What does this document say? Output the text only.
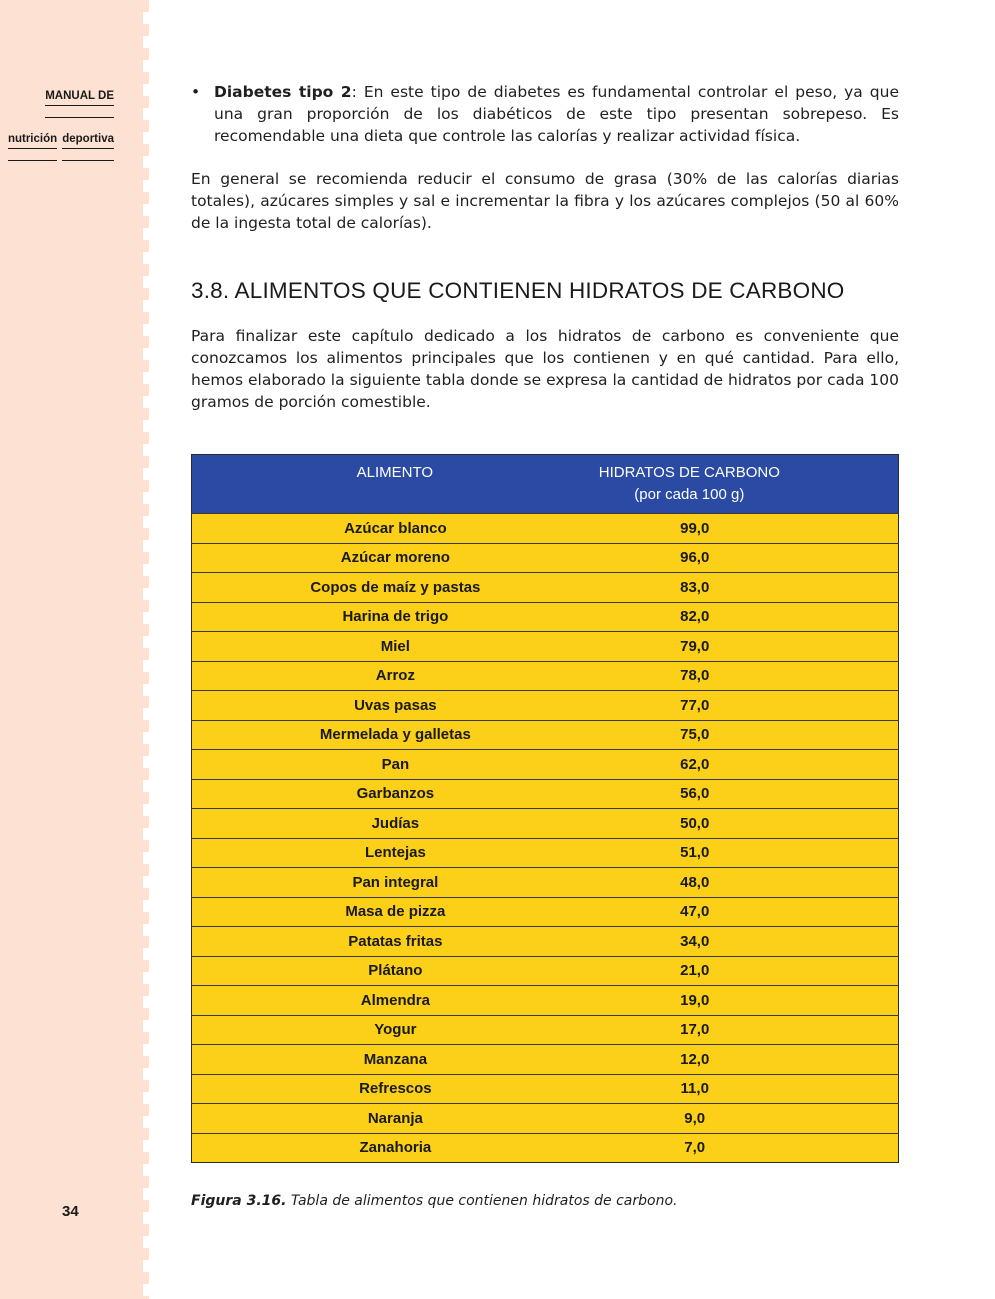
MANUAL DE nutrición deportiva
• Diabetes tipo 2: En este tipo de diabetes es fundamental controlar el peso, ya que una gran proporción de los diabéticos de este tipo presentan sobrepeso. Es recomendable una dieta que controle las calorías y realizar actividad física.

En general se recomienda reducir el consumo de grasa (30% de las calorías diarias totales), azúcares simples y sal e incrementar la fibra y los azúcares complejos (50 al 60% de la ingesta total de calorías).

3.8. ALIMENTOS QUE CONTIENEN HIDRATOS DE CARBONO

Para finalizar este capítulo dedicado a los hidratos de carbono es conveniente que conozcamos los alimentos principales que los contienen y en qué cantidad. Para ello, hemos elaborado la siguiente tabla donde se expresa la cantidad de hidratos por cada 100 gramos de porción comestible.

ALIMENTO	HIDRATOS DE CARBONO
(por cada 100 g)
Azúcar blanco	99,0
Azúcar moreno	96,0
Copos de maíz y pastas	83,0
Harina de trigo	82,0
Miel	79,0
Arroz	78,0
Uvas pasas	77,0
Mermelada y galletas	75,0
Pan	62,0
Garbanzos	56,0
Judías	50,0
Lentejas	51,0
Pan integral	48,0
Masa de pizza	47,0
Patatas fritas	34,0
Plátano	21,0
Almendra	19,0
Yogur	17,0
Manzana	12,0
Refrescos	11,0
Naranja	9,0
Zanahoria	7,0
Figura 3.16. Tabla de alimentos que contienen hidratos de carbono.
34
